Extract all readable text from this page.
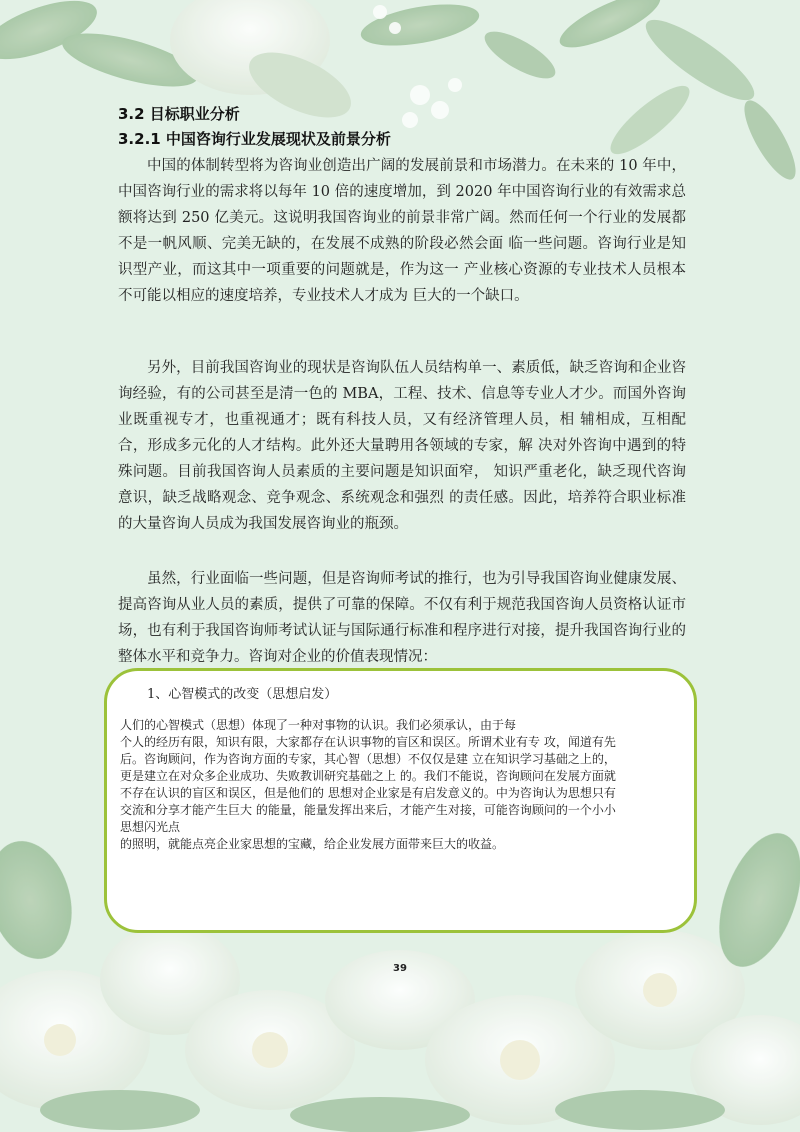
3.2 目标职业分析
3.2.1 中国咨询行业发展现状及前景分析

中国的体制转型将为咨询业创造出广阔的发展前景和市场潜力。在未来的 10 年中，中国咨询行业的需求将以每年 10 倍的速度增加，到 2020 年中国咨询行业的有效需求总额将达到 250 亿美元。这说明我国咨询业的前景非常广阔。然而任何一个行业的发展都不是一帆风顺、完美无缺的，在发展不成熟的阶段必然会面 临一些问题。咨询行业是知识型产业，而这其中一项重要的问题就是，作为这一 产业核心资源的专业技术人员根本不可能以相应的速度培养，专业技术人才成为 巨大的一个缺口。

另外，目前我国咨询业的现状是咨询队伍人员结构单一、素质低，缺乏咨询和企业咨询经验，有的公司甚至是清一色的 MBA，工程、技术、信息等专业人才少。而国外咨询业既重视专才，也重视通才；既有科技人员，又有经济管理人员，相 辅相成，互相配合，形成多元化的人才结构。此外还大量聘用各领域的专家，解 决对外咨询中遇到的特殊问题。目前我国咨询人员素质的主要问题是知识面窄， 知识严重老化，缺乏现代咨询意识，缺乏战略观念、竞争观念、系统观念和强烈 的责任感。因此，培养符合职业标准的大量咨询人员成为我国发展咨询业的瓶颈。

虽然，行业面临一些问题，但是咨询师考试的推行，也为引导我国咨询业健康发展、提高咨询从业人员的素质，提供了可靠的保障。不仅有利于规范我国咨询人员资格认证市场，也有利于我国咨询师考试认证与国际通行标准和程序进行对接，提升我国咨询行业的整体水平和竞争力。咨询对企业的价值表现情况：

1、心智模式的改变（思想启发）
人们的心智模式（思想）体现了一种对事物的认识。我们必须承认，由于每
个人的经历有限，知识有限，大家都存在认识事物的盲区和误区。所谓术业有专 攻，闻道有先
后。咨询顾问，作为咨询方面的专家，其心智（思想）不仅仅是建 立在知识学习基础之上的，
更是建立在对众多企业成功、失败教训研究基础之上 的。我们不能说，咨询顾问在发展方面就
不存在认识的盲区和误区，但是他们的 思想对企业家是有启发意义的。中为咨询认为思想只有
交流和分享才能产生巨大 的能量，能量发挥出来后，才能产生对接，可能咨询顾问的一个小小
思想闪光点
的照明，就能点亮企业家思想的宝藏，给企业发展方面带来巨大的收益。
39
